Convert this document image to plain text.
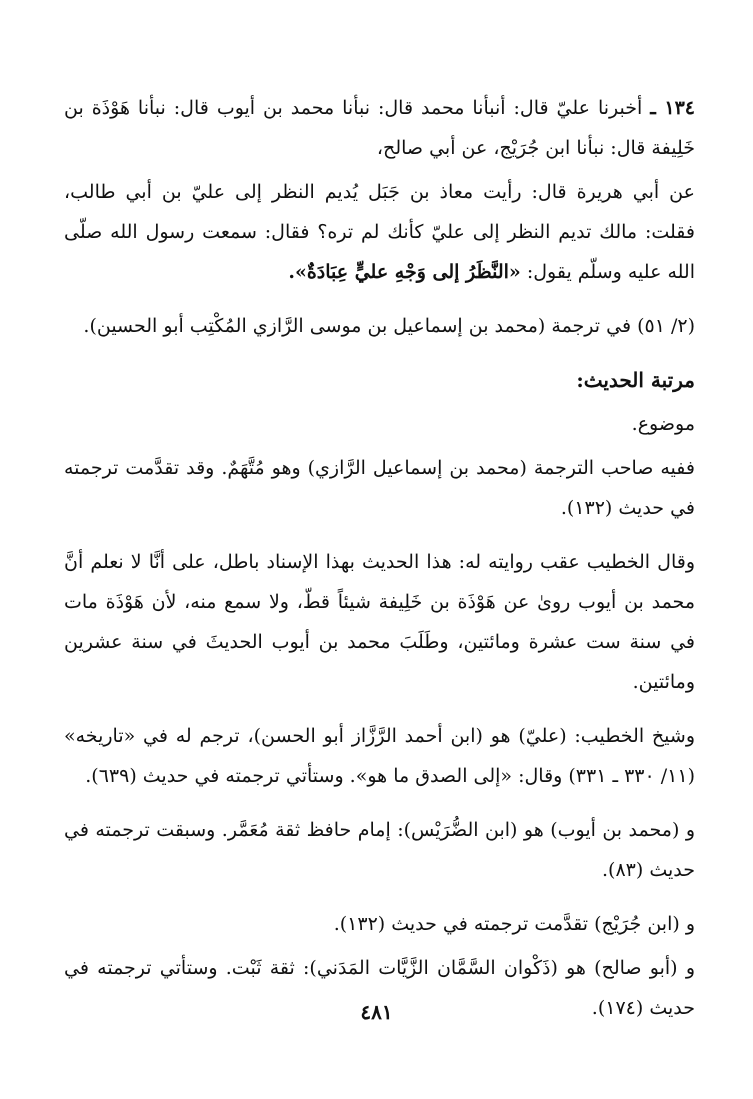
١٣٤ ـ أخبرنا عليّ قال: أنبأنا محمد قال: نبأنا محمد بن أيوب قال: نبأنا هَوْذَة بن خَلِيفة قال: نبأنا ابن جُرَيْج، عن أبي صالح،

عن أبي هريرة قال: رأيت معاذ بن جَبَل يُديم النظر إلى عليّ بن أبي طالب، فقلت: مالك تديم النظر إلى عليّ كأنك لم تره؟ فقال: سمعت رسول الله صلّى الله عليه وسلّم يقول: «النَّظَرُ إلى وَجْهِ عليٍّ عِبَادَةٌ».

(٢/ ٥١) في ترجمة (محمد بن إسماعيل بن موسى الرَّازي المُكْتِب أبو الحسين).

مرتبة الحديث:

موضوع.

ففيه صاحب الترجمة (محمد بن إسماعيل الرَّازي) وهو مُتَّهَمٌ. وقد تقدَّمت ترجمته في حديث (١٣٢).

وقال الخطيب عقب روايته له: هذا الحديث بهذا الإسناد باطل، على أنَّا لا نعلم أنَّ محمد بن أيوب روىٰ عن هَوْذَة بن خَلِيفة شيئاً قطّ، ولا سمع منه، لأن هَوْذَة مات في سنة ست عشرة ومائتين، وطَلَبَ محمد بن أيوب الحديثَ في سنة عشرين ومائتين.

وشيخ الخطيب: (عليّ) هو (ابن أحمد الرَّزَّاز أبو الحسن)، ترجم له في «تاريخه» (١١/ ٣٣٠ ـ ٣٣١) وقال: «إلى الصدق ما هو». وستأتي ترجمته في حديث (٦٣٩).

و (محمد بن أيوب) هو (ابن الضُّرَيْس): إمام حافظ ثقة مُعَمَّر. وسبقت ترجمته في حديث (٨٣).

و (ابن جُرَيْج) تقدَّمت ترجمته في حديث (١٣٢).

و (أبو صالح) هو (ذَكْوان السَّمَّان الزَّيَّات المَدَني): ثقة ثَبْت. وستأتي ترجمته في حديث (١٧٤).

٤٨١
